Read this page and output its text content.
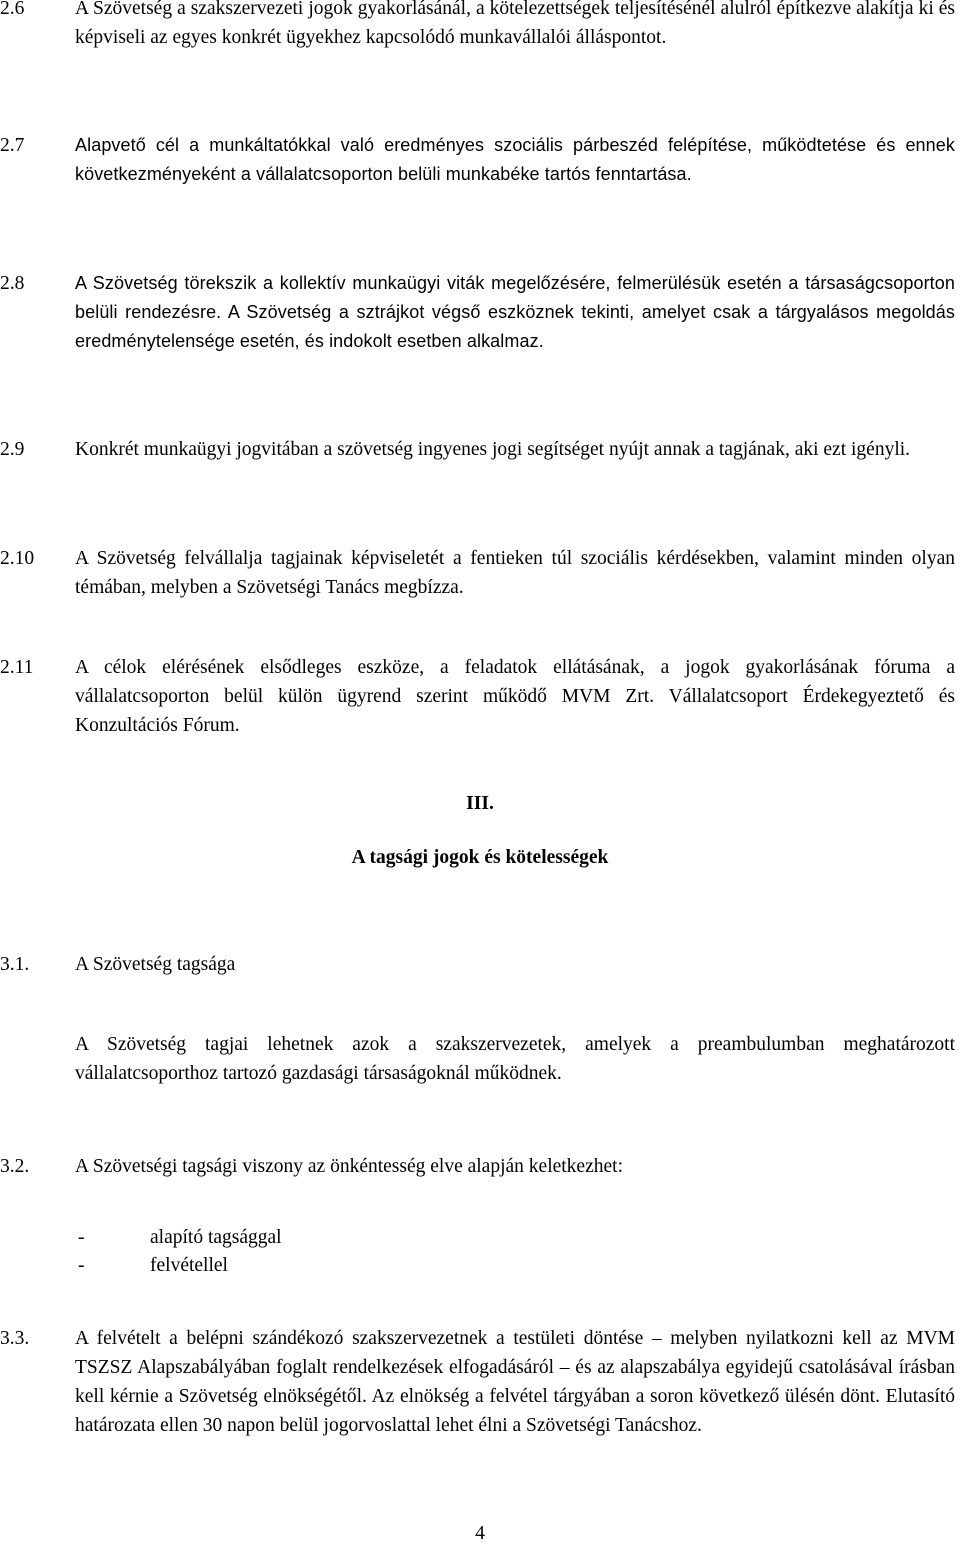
2.6	A Szövetség a szakszervezeti jogok gyakorlásánál, a kötelezettségek teljesítésénél alulról építkezve alakítja ki és képviseli az egyes konkrét ügyekhez kapcsolódó munkavállalói álláspontot.
2.7	Alapvető cél a munkáltatókkal való eredményes szociális párbeszéd felépítése, működtetése és ennek következményeként a vállalatcsoporton belüli munkabéke tartós fenntartása.
2.8	A Szövetség törekszik a kollektív munkaügyi viták megelőzésére, felmerülésük esetén a társaságcsoporton belüli rendezésre. A Szövetség a sztrájkot végső eszköznek tekinti, amelyet csak a tárgyalásos megoldás eredménytelensége esetén, és indokolt esetben alkalmaz.
2.9	Konkrét munkaügyi jogvitában a szövetség ingyenes jogi segítséget nyújt annak a tagjának, aki ezt igényli.
2.10 A Szövetség felvállalja tagjainak képviseletét a fentieken túl szociális kérdésekben, valamint minden olyan témában, melyben a Szövetségi Tanács megbízza.
2.11 A célok elérésének elsődleges eszköze, a feladatok ellátásának, a jogok gyakorlásának fóruma a vállalatcsoporton belül külön ügyrend szerint működő MVM Zrt. Vállalatcsoport Érdekegyeztető és Konzultációs Fórum.
III.
A tagsági jogok és kötelességek
3.1. A Szövetség tagsága
A Szövetség tagjai lehetnek azok a szakszervezetek, amelyek a preambulumban meghatározott vállalatcsoporthoz tartozó gazdasági társaságoknál működnek.
3.2. A Szövetségi tagsági viszony az önkéntesség elve alapján keletkezhet:
-	alapító tagsággal
-	felvétellel
3.3. A felvételt a belépni szándékozó szakszervezetnek a testületi döntése – melyben nyilatkozni kell az MVM TSZSZ Alapszabályában foglalt rendelkezések elfogadásáról – és az alapszabálya egyidejű csatolásával írásban kell kérnie a Szövetség elnökségétől. Az elnökség a felvétel tárgyában a soron következő ülésén dönt. Elutasító határozata ellen 30 napon belül jogorvoslattal lehet élni a Szövetségi Tanácshoz.
4
